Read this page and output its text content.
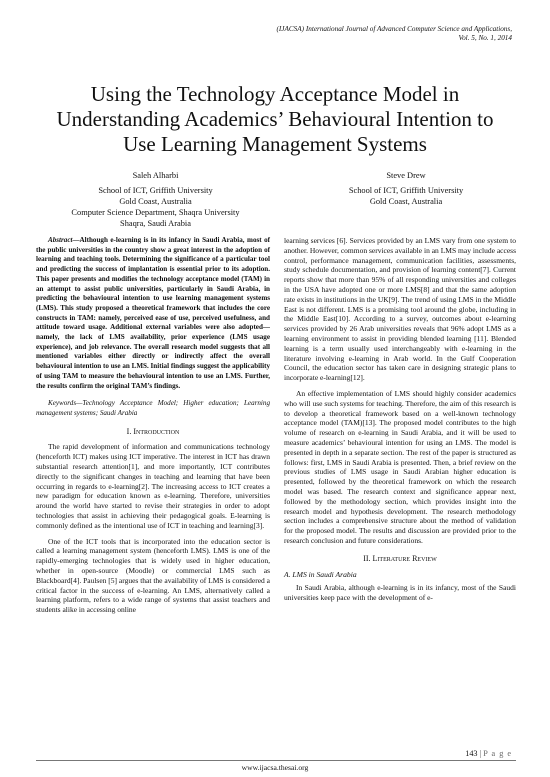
(IJACSA) International Journal of Advanced Computer Science and Applications,
Vol. 5, No. 1, 2014
Using the Technology Acceptance Model in Understanding Academics’ Behavioural Intention to Use Learning Management Systems
Saleh Alharbi
School of ICT, Griffith University
Gold Coast, Australia
Computer Science Department, Shaqra University
Shaqra, Saudi Arabia
Steve Drew
School of ICT, Griffith University
Gold Coast, Australia

Abstract—Although e-learning is in its infancy in Saudi Arabia, most of the public universities in the country show a great interest in the adoption of learning and teaching tools. Determining the significance of a particular tool and predicting the success of implantation is essential prior to its adoption. This paper presents and modifies the technology acceptance model (TAM) in an attempt to assist public universities, particularly in Saudi Arabia, in predicting the behavioural intention to use learning management systems (LMS). This study proposed a theoretical framework that includes the core constructs in TAM: namely, perceived ease of use, perceived usefulness, and attitude toward usage. Additional external variables were also adopted—namely, the lack of LMS availability, prior experience (LMS usage experience), and job relevance. The overall research model suggests that all mentioned variables either directly or indirectly affect the overall behavioural intention to use an LMS. Initial findings suggest the applicability of using TAM to measure the behavioural intention to use an LMS. Further, the results confirm the original TAM’s findings.

Keywords—Technology Acceptance Model; Higher education; Learning management systems; Saudi Arabia

I. Introduction

The rapid development of information and communications technology (henceforth ICT) makes using ICT imperative. The interest in ICT has drawn substantial research attention[1], and more importantly, ICT contributes directly to the significant changes in teaching and learning that have been occurring in regards to e-learning[2]. The increasing access to ICT creates a new paradigm for education known as e-learning. Therefore, universities around the world have started to revise their strategies in order to adopt technologies that assist in achieving their pedagogical goals. E-learning is commonly defined as the intentional use of ICT in teaching and learning[3].

One of the ICT tools that is incorporated into the education sector is called a learning management system (henceforth LMS). LMS is one of the rapidly-emerging technologies that is widely used in higher education, whether in open-source (Moodle) or commercial LMS such as Blackboard[4]. Paulsen [5] argues that the availability of LMS is considered a critical factor in the success of e-learning. An LMS, alternatively called a learning platform, refers to a wide range of systems that assist teachers and students alike in accessing online

learning services [6]. Services provided by an LMS vary from one system to another. However, common services available in an LMS may include access control, performance management, communication facilities, assessments, study schedule documentation, and provision of learning content[7]. Current reports show that more than 95% of all responding universities and colleges in the USA have adopted one or more LMS[8] and that the same adoption rate exists in institutions in the UK[9]. The trend of using LMS in the Middle East is not different. LMS is a promising tool around the globe, including in the Middle East[10]. According to a survey, outcomes about e-learning services provided by 26 Arab universities reveals that 96% adopt LMS as a learning environment to assist in providing blended learning [11]. Blended learning is a term usually used interchangeably with e-learning in the literature involving e-learning in Arab world. In the Gulf Cooperation Council, the education sector has taken care in designing strategic plans to incorporate e-learning[12].

An effective implementation of LMS should highly consider academics who will use such systems for teaching. Therefore, the aim of this research is to develop a theoretical framework based on a well-known technology acceptance model (TAM)[13]. The proposed model contributes to the high volume of research on e-learning in Saudi Arabia, and it will be used to measure academics’ behavioural intention for using an LMS. The model is presented in depth in a separate section. The rest of the paper is structured as follows: first, LMS in Saudi Arabia is presented. Then, a brief review on the previous studies of LMS usage in Saudi Arabian higher education is presented, followed by the theoretical framework on which the research model was based. The research context and significance appear next, followed by the methodology section, which provides insight into the research model and hypothesis development. The research methodology section includes a comprehensive structure about the method of validation for the proposed model. The results and discussion are provided prior to the research conclusion and future considerations.

II. Literature Review
A. LMS in Saudi Arabia

In Saudi Arabia, although e-learning is in its infancy, most of the Saudi universities keep pace with the development of e-

143 | P a g e
www.ijacsa.thesai.org
